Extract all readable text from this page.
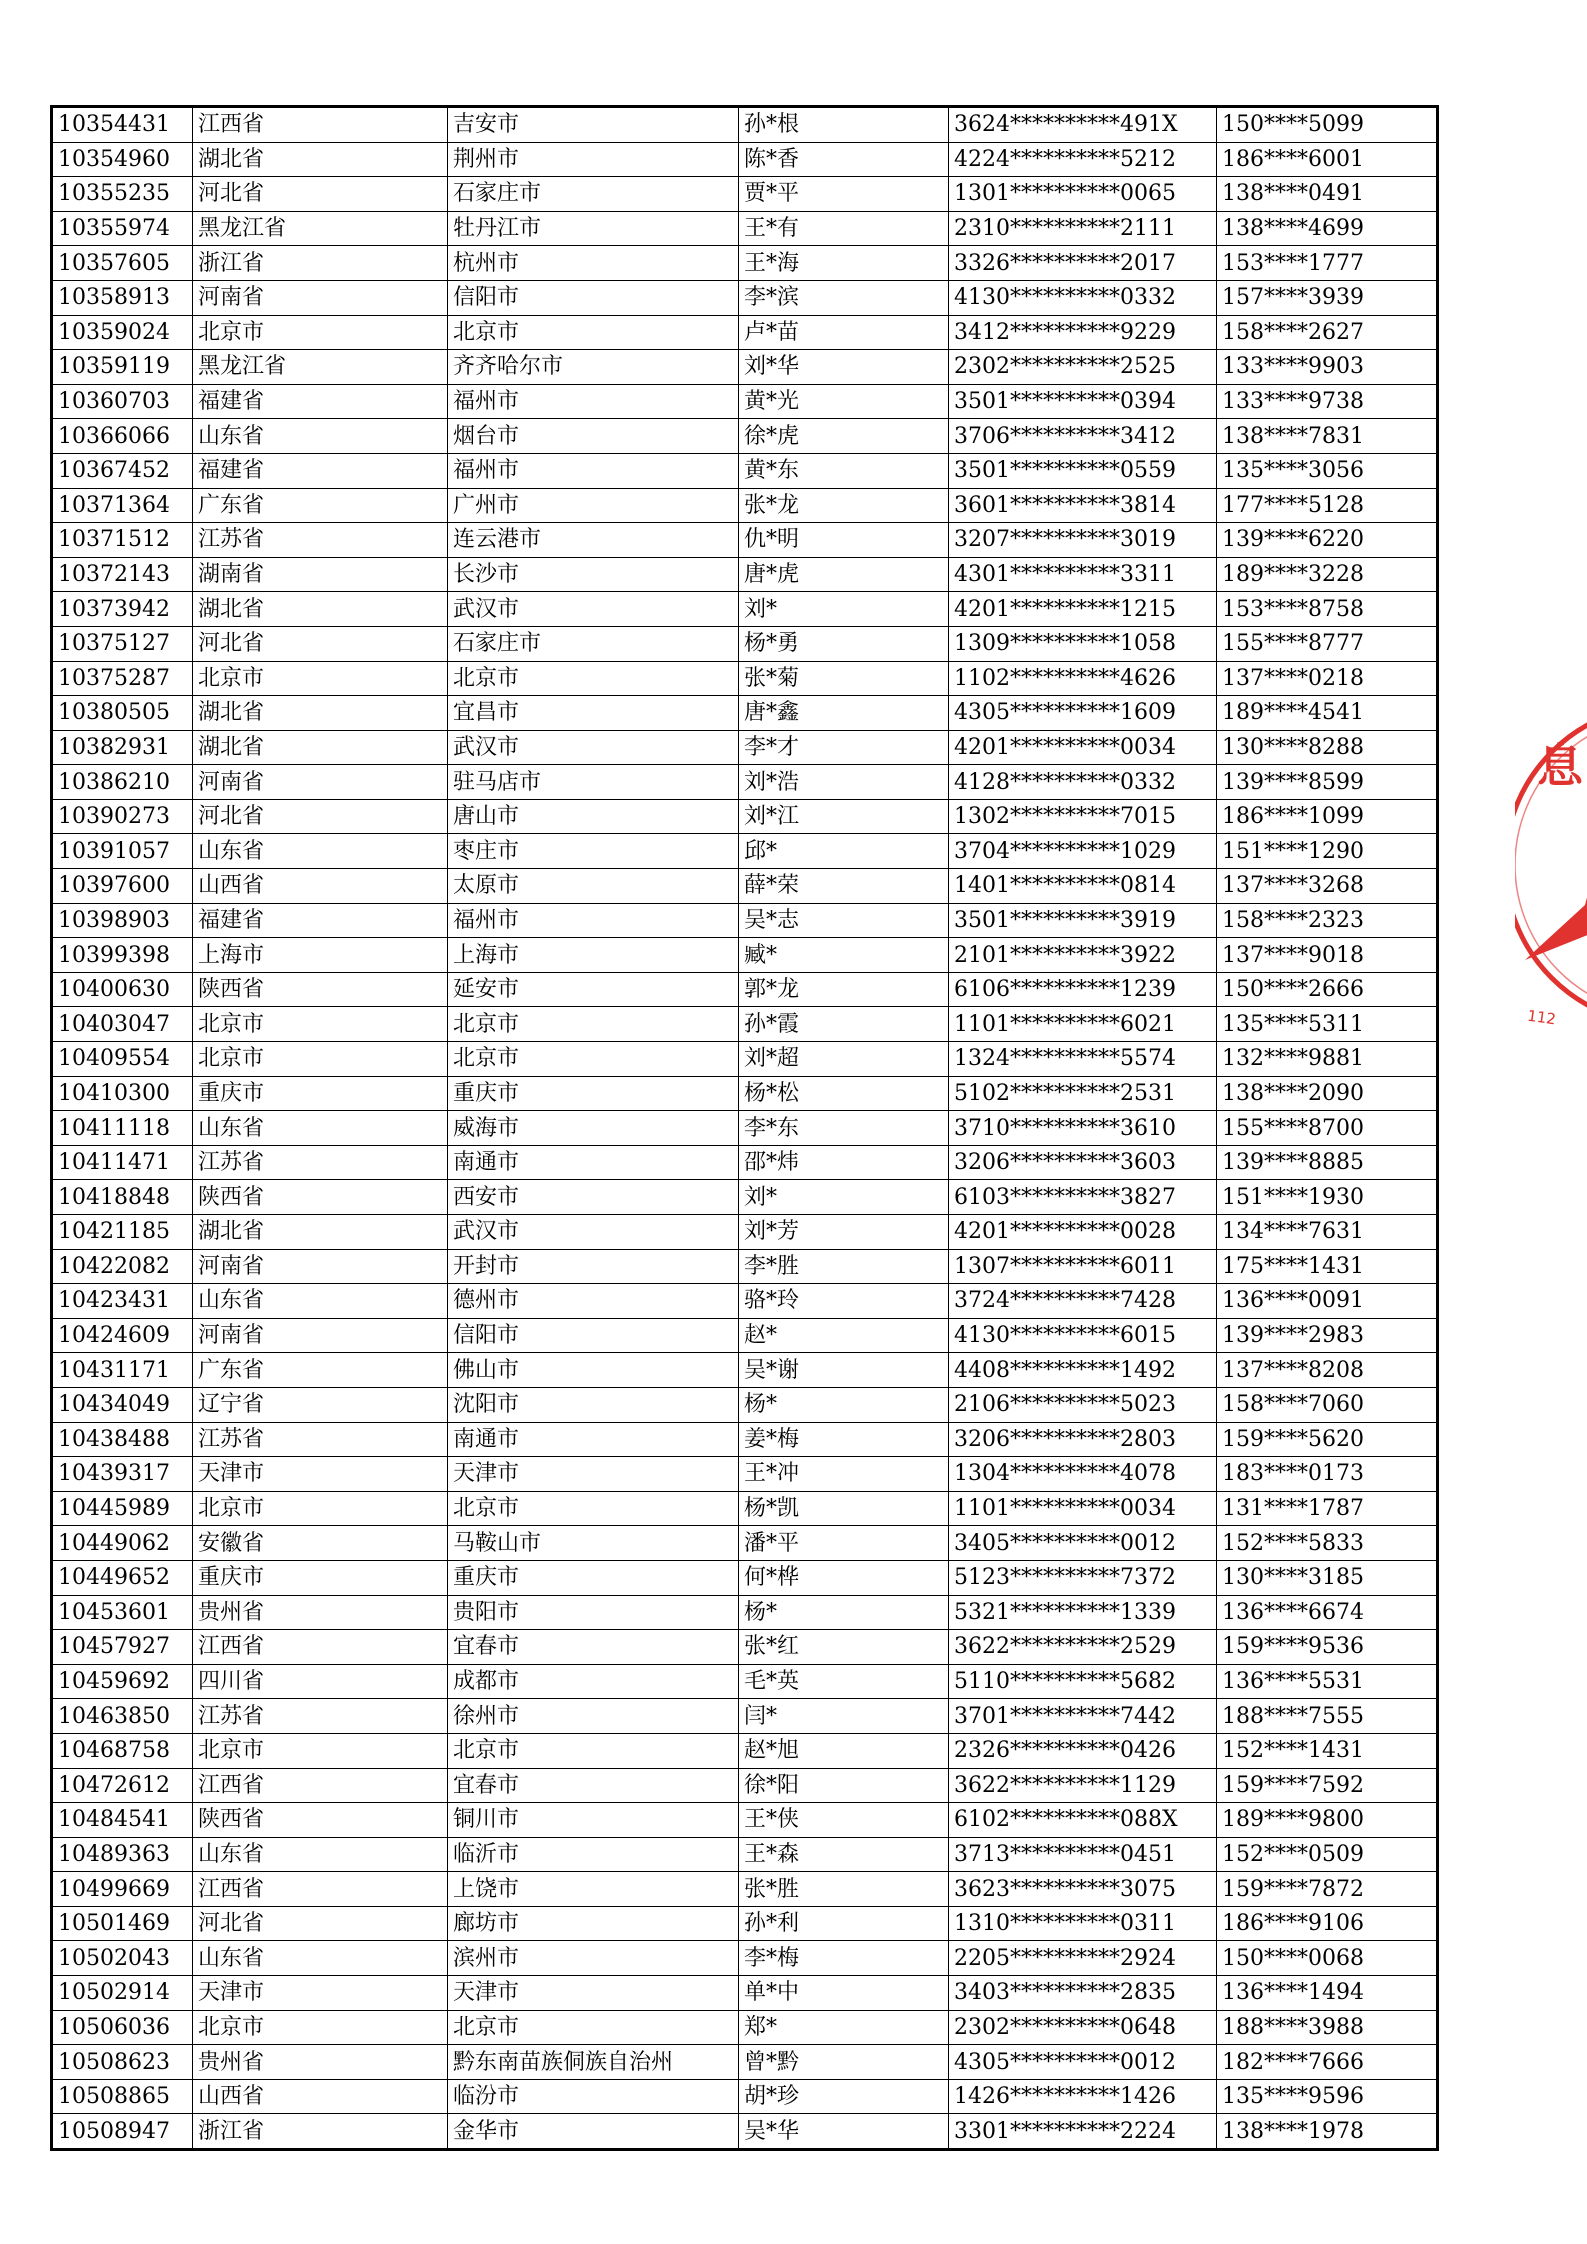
10354431	江西省	吉安市	孙*根	3624**********491X	150****5099
10354960	湖北省	荆州市	陈*香	4224**********5212	186****6001
10355235	河北省	石家庄市	贾*平	1301**********0065	138****0491
10355974	黑龙江省	牡丹江市	王*有	2310**********2111	138****4699
10357605	浙江省	杭州市	王*海	3326**********2017	153****1777
10358913	河南省	信阳市	李*滨	4130**********0332	157****3939
10359024	北京市	北京市	卢*苗	3412**********9229	158****2627
10359119	黑龙江省	齐齐哈尔市	刘*华	2302**********2525	133****9903
10360703	福建省	福州市	黄*光	3501**********0394	133****9738
10366066	山东省	烟台市	徐*虎	3706**********3412	138****7831
10367452	福建省	福州市	黄*东	3501**********0559	135****3056
10371364	广东省	广州市	张*龙	3601**********3814	177****5128
10371512	江苏省	连云港市	仇*明	3207**********3019	139****6220
10372143	湖南省	长沙市	唐*虎	4301**********3311	189****3228
10373942	湖北省	武汉市	刘*	4201**********1215	153****8758
10375127	河北省	石家庄市	杨*勇	1309**********1058	155****8777
10375287	北京市	北京市	张*菊	1102**********4626	137****0218
10380505	湖北省	宜昌市	唐*鑫	4305**********1609	189****4541
10382931	湖北省	武汉市	李*才	4201**********0034	130****8288
10386210	河南省	驻马店市	刘*浩	4128**********0332	139****8599
10390273	河北省	唐山市	刘*江	1302**********7015	186****1099
10391057	山东省	枣庄市	邱*	3704**********1029	151****1290
10397600	山西省	太原市	薛*荣	1401**********0814	137****3268
10398903	福建省	福州市	吴*志	3501**********3919	158****2323
10399398	上海市	上海市	臧*	2101**********3922	137****9018
10400630	陕西省	延安市	郭*龙	6106**********1239	150****2666
10403047	北京市	北京市	孙*霞	1101**********6021	135****5311
10409554	北京市	北京市	刘*超	1324**********5574	132****9881
10410300	重庆市	重庆市	杨*松	5102**********2531	138****2090
10411118	山东省	威海市	李*东	3710**********3610	155****8700
10411471	江苏省	南通市	邵*炜	3206**********3603	139****8885
10418848	陕西省	西安市	刘*	6103**********3827	151****1930
10421185	湖北省	武汉市	刘*芳	4201**********0028	134****7631
10422082	河南省	开封市	李*胜	1307**********6011	175****1431
10423431	山东省	德州市	骆*玲	3724**********7428	136****0091
10424609	河南省	信阳市	赵*	4130**********6015	139****2983
10431171	广东省	佛山市	吴*谢	4408**********1492	137****8208
10434049	辽宁省	沈阳市	杨*	2106**********5023	158****7060
10438488	江苏省	南通市	姜*梅	3206**********2803	159****5620
10439317	天津市	天津市	王*冲	1304**********4078	183****0173
10445989	北京市	北京市	杨*凯	1101**********0034	131****1787
10449062	安徽省	马鞍山市	潘*平	3405**********0012	152****5833
10449652	重庆市	重庆市	何*桦	5123**********7372	130****3185
10453601	贵州省	贵阳市	杨*	5321**********1339	136****6674
10457927	江西省	宜春市	张*红	3622**********2529	159****9536
10459692	四川省	成都市	毛*英	5110**********5682	136****5531
10463850	江苏省	徐州市	闫*	3701**********7442	188****7555
10468758	北京市	北京市	赵*旭	2326**********0426	152****1431
10472612	江西省	宜春市	徐*阳	3622**********1129	159****7592
10484541	陕西省	铜川市	王*侠	6102**********088X	189****9800
10489363	山东省	临沂市	王*森	3713**********0451	152****0509
10499669	江西省	上饶市	张*胜	3623**********3075	159****7872
10501469	河北省	廊坊市	孙*利	1310**********0311	186****9106
10502043	山东省	滨州市	李*梅	2205**********2924	150****0068
10502914	天津市	天津市	单*中	3403**********2835	136****1494
10506036	北京市	北京市	郑*	2302**********0648	188****3988
10508623	贵州省	黔东南苗族侗族自治州	曾*黔	4305**********0012	182****7666
10508865	山西省	临汾市	胡*珍	1426**********1426	135****9596
10508947	浙江省	金华市	吴*华	3301**********2224	138****1978
息
112
